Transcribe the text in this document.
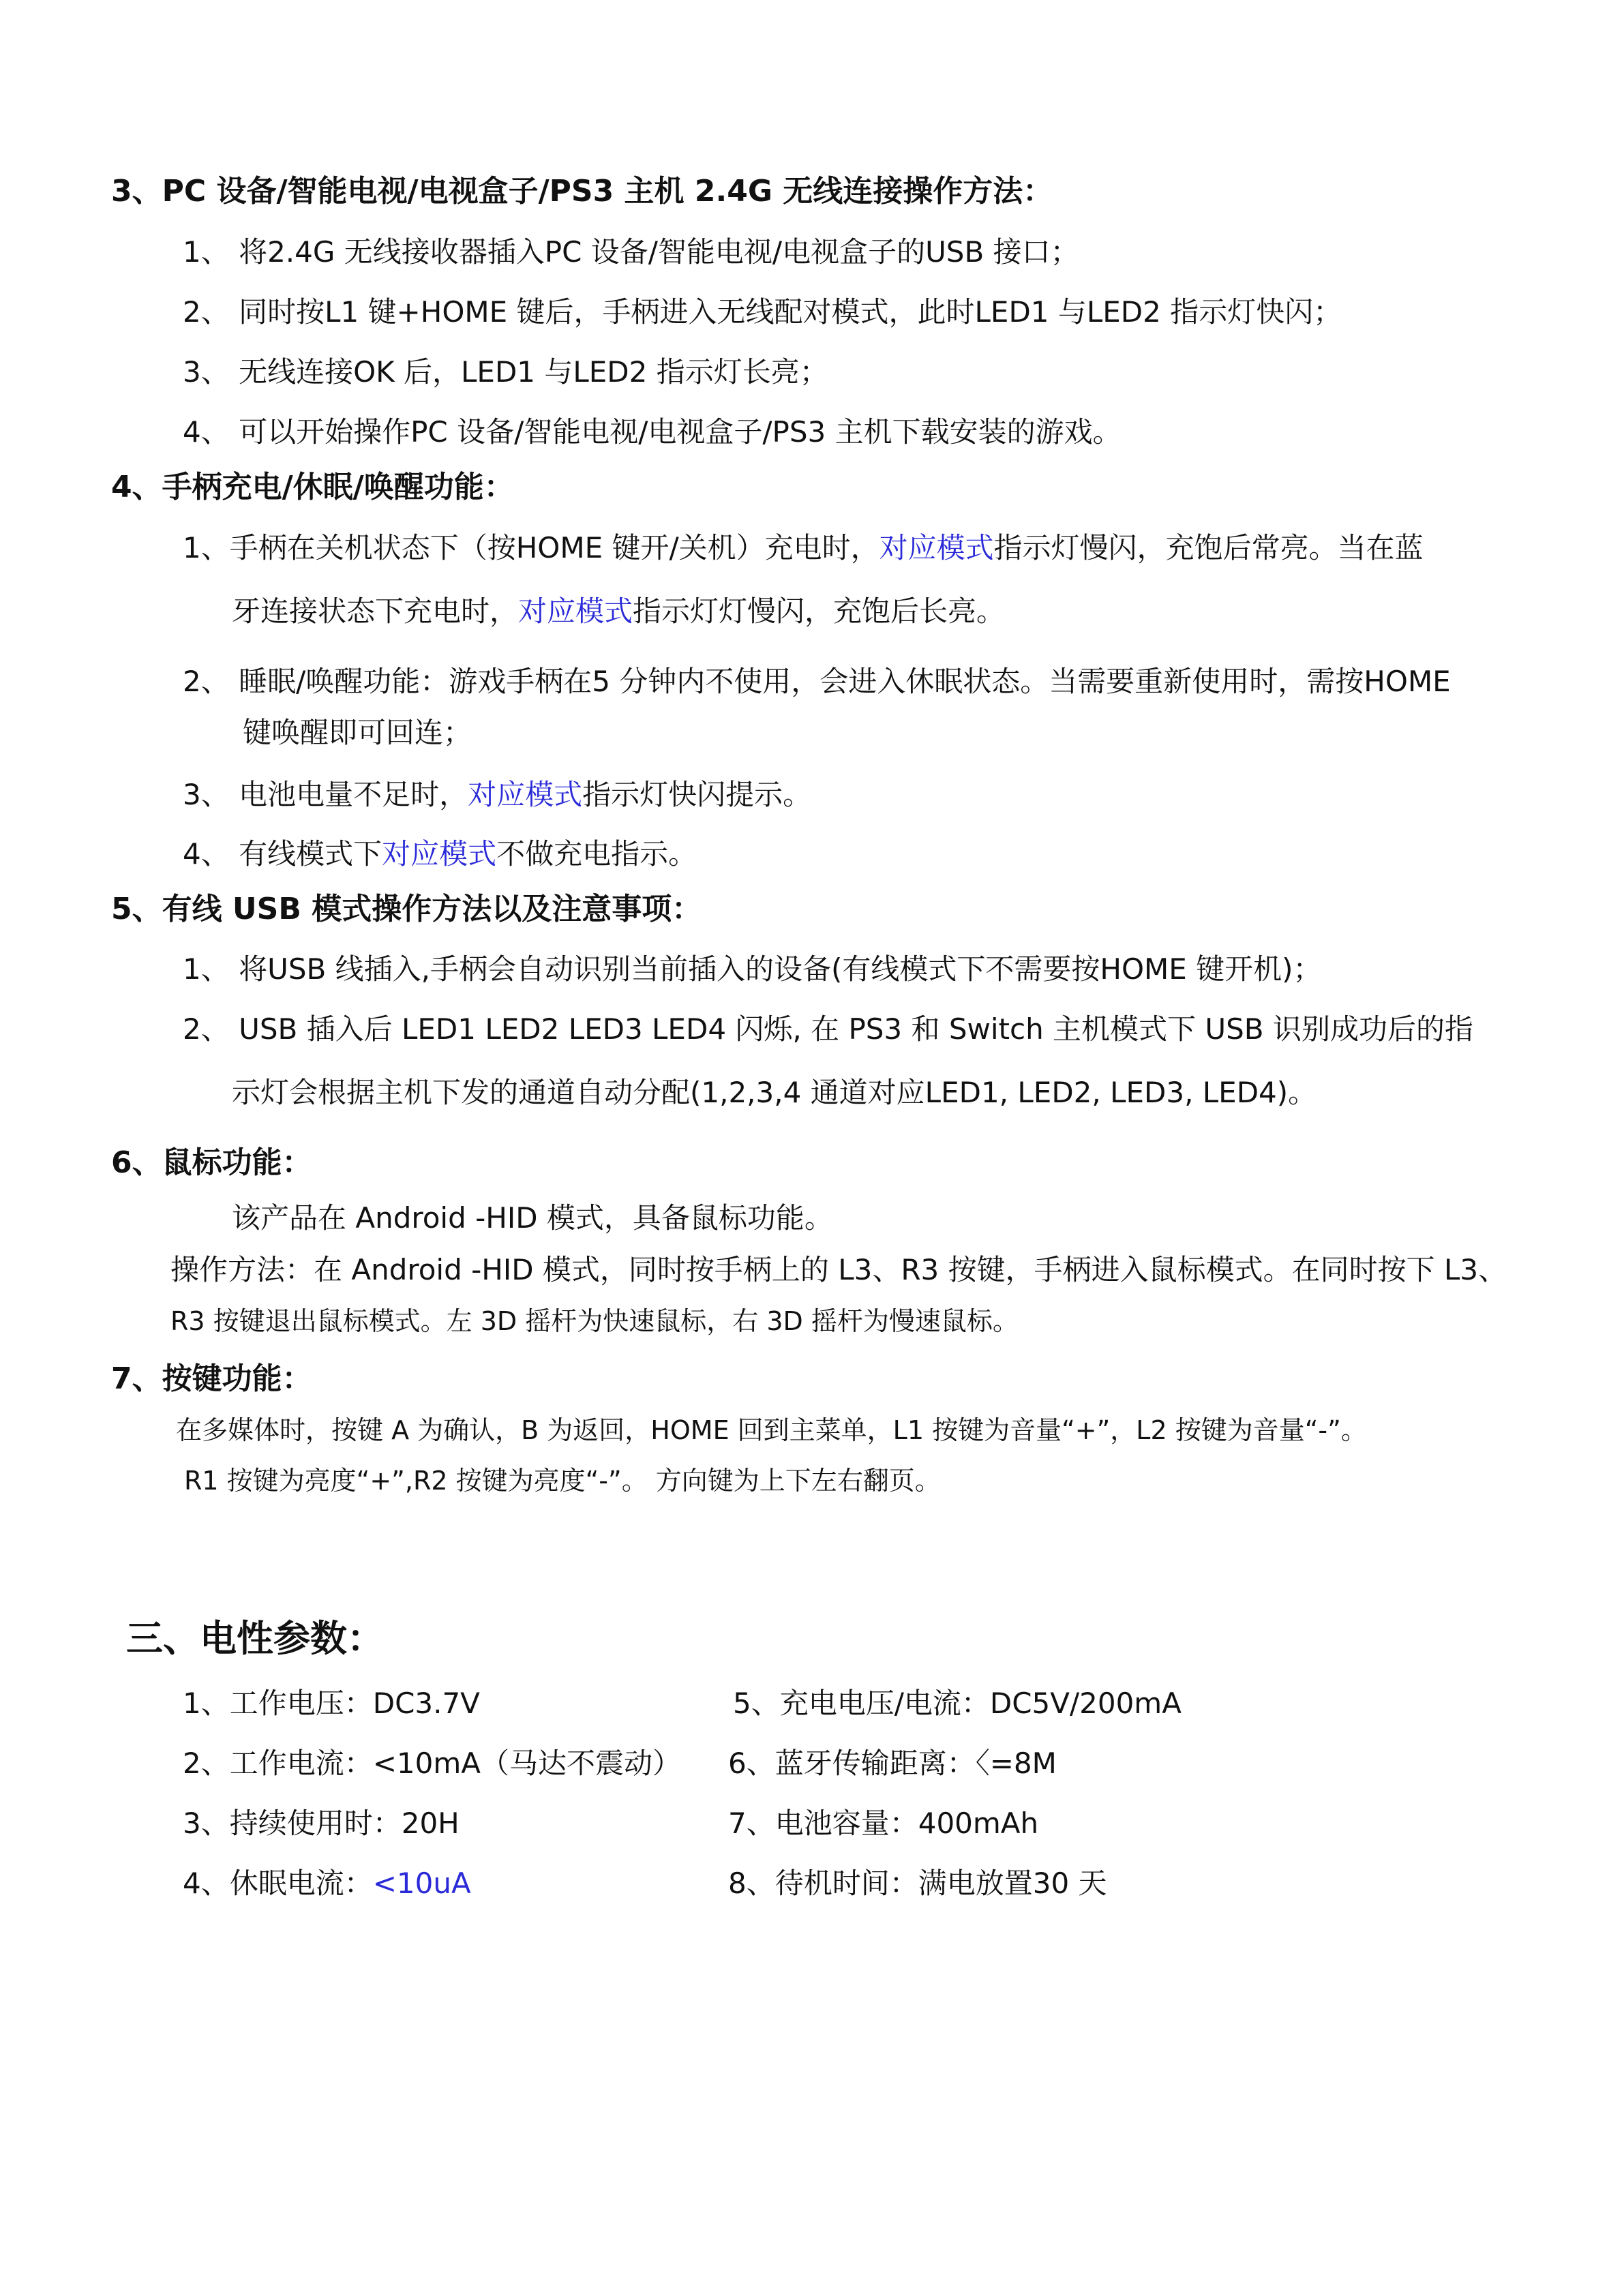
3、PC 设备/智能电视/电视盒子/PS3 主机 2.4G 无线连接操作方法：
1、 将2.4G 无线接收器插入PC 设备/智能电视/电视盒子的USB 接口；
2、 同时按L1 键+HOME 键后，手柄进入无线配对模式，此时LED1 与LED2 指示灯快闪；
3、 无线连接OK 后，LED1 与LED2 指示灯长亮；
4、 可以开始操作PC 设备/智能电视/电视盒子/PS3 主机下载安装的游戏。
4、手柄充电/休眠/唤醒功能：
1、手柄在关机状态下（按HOME 键开/关机）充电时，对应模式指示灯慢闪，充饱后常亮。当在蓝
牙连接状态下充电时，对应模式指示灯灯慢闪，充饱后长亮。
2、 睡眠/唤醒功能：游戏手柄在5 分钟内不使用，会进入休眠状态。当需要重新使用时，需按HOME
键唤醒即可回连；
3、 电池电量不足时，对应模式指示灯快闪提示。
4、 有线模式下对应模式不做充电指示。
5、有线 USB 模式操作方法以及注意事项：
1、 将USB 线插入,手柄会自动识别当前插入的设备(有线模式下不需要按HOME 键开机)；
2、 USB 插入后 LED1 LED2 LED3 LED4 闪烁, 在 PS3 和 Switch 主机模式下 USB 识别成功后的指
示灯会根据主机下发的通道自动分配(1,2,3,4 通道对应LED1, LED2, LED3, LED4)。
6、鼠标功能：
该产品在 Android -HID 模式，具备鼠标功能。
操作方法：在 Android -HID 模式，同时按手柄上的 L3、R3 按键，手柄进入鼠标模式。在同时按下 L3、
R3 按键退出鼠标模式。左 3D 摇杆为快速鼠标，右 3D 摇杆为慢速鼠标。
7、按键功能：
在多媒体时，按键 A 为确认，B 为返回，HOME 回到主菜单，L1 按键为音量“+”，L2 按键为音量“-”。
R1 按键为亮度“+”,R2 按键为亮度“-”。 方向键为上下左右翻页。
三、电性参数：
1、工作电压：DC3.7V
2、工作电流：<10mA（马达不震动）
3、持续使用时：20H
4、休眠电流：<10uA
5、充电电压/电流：DC5V/200mA
6、蓝牙传输距离：〈=8M
7、电池容量：400mAh
8、待机时间：满电放置30 天
